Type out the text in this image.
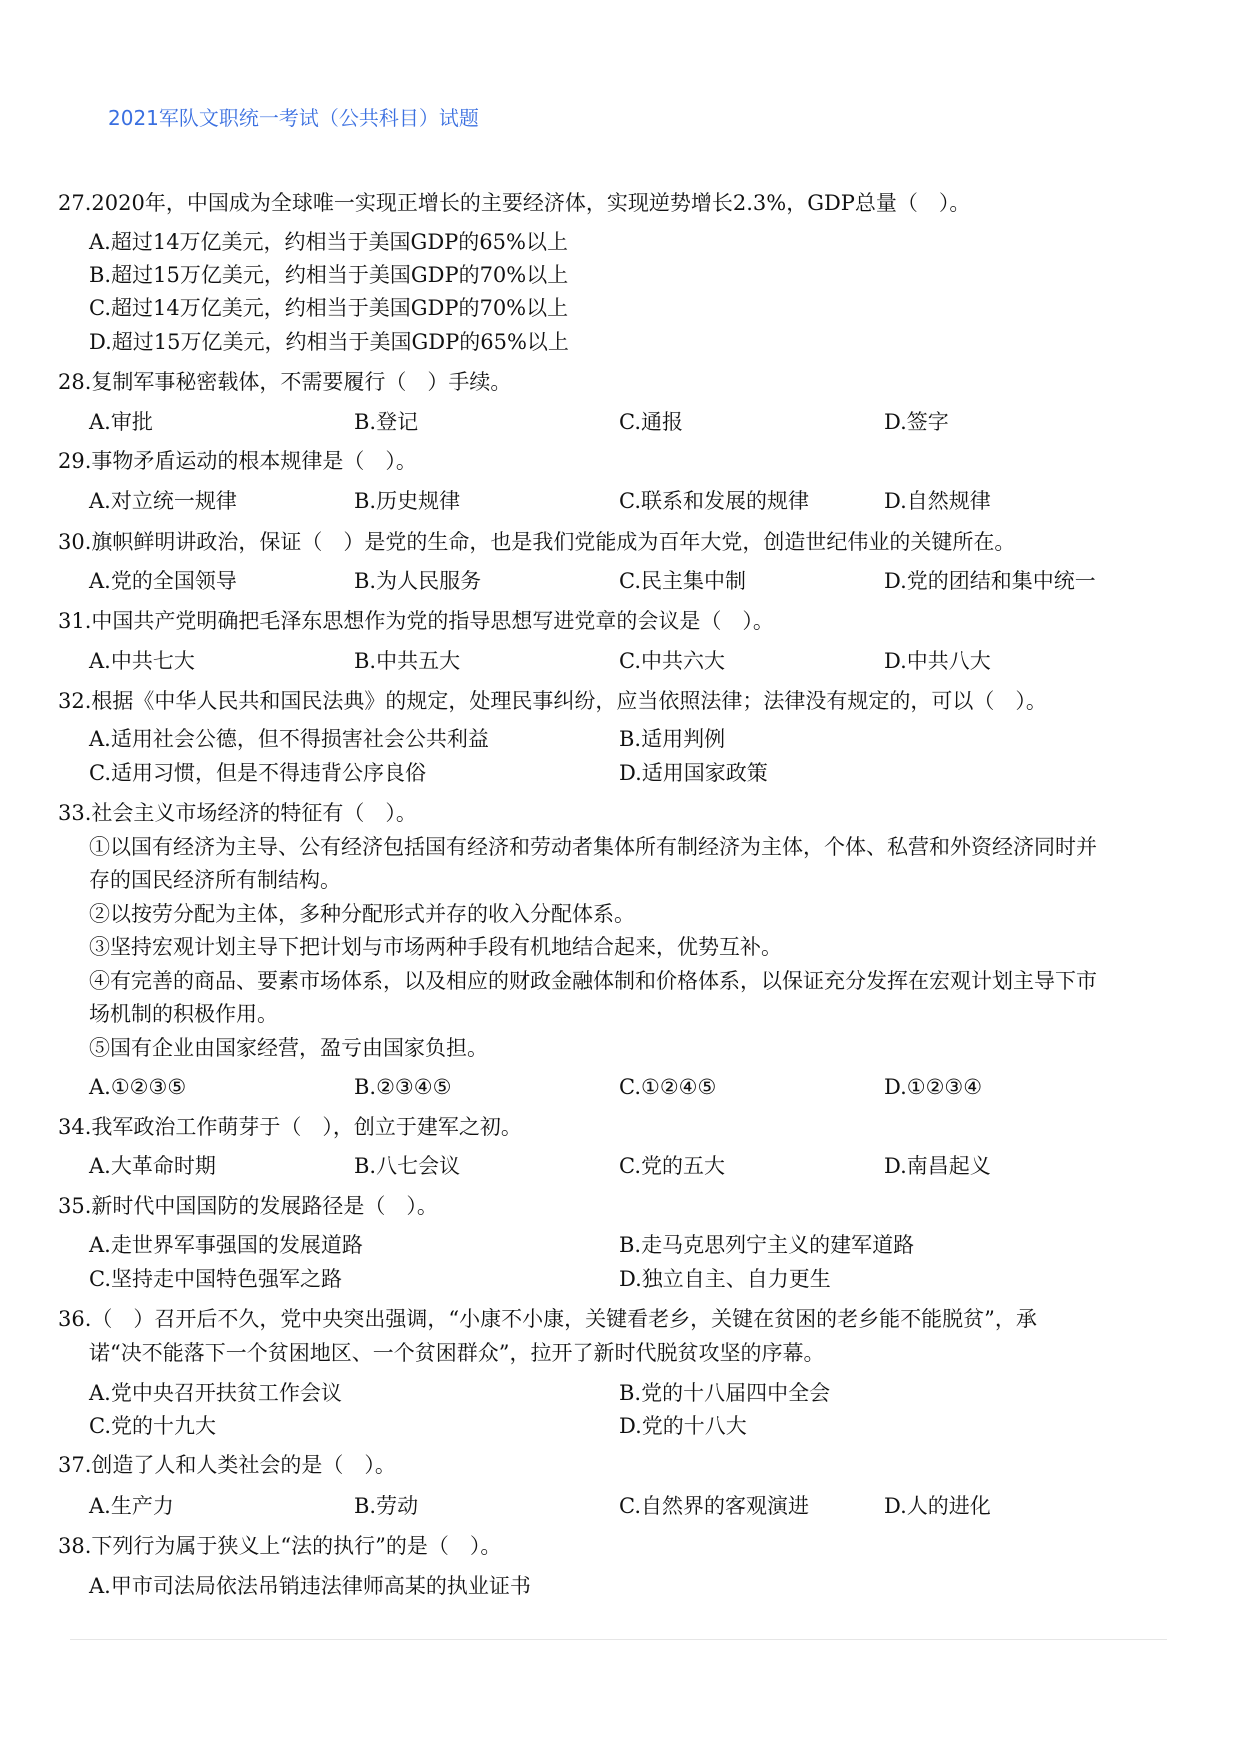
2021军队文职统一考试（公共科目）试题
27.2020年，中国成为全球唯一实现正增长的主要经济体，实现逆势增长2.3%，GDP总量（　）。
A.超过14万亿美元，约相当于美国GDP的65%以上
B.超过15万亿美元，约相当于美国GDP的70%以上
C.超过14万亿美元，约相当于美国GDP的70%以上
D.超过15万亿美元，约相当于美国GDP的65%以上
28.复制军事秘密载体，不需要履行（　）手续。
A.审批	B.登记	C.通报	D.签字
29.事物矛盾运动的根本规律是（　）。
A.对立统一规律	B.历史规律	C.联系和发展的规律	D.自然规律
30.旗帜鲜明讲政治，保证（　）是党的生命，也是我们党能成为百年大党，创造世纪伟业的关键所在。
A.党的全国领导	B.为人民服务	C.民主集中制	D.党的团结和集中统一
31.中国共产党明确把毛泽东思想作为党的指导思想写进党章的会议是（　）。
A.中共七大	B.中共五大	C.中共六大	D.中共八大
32.根据《中华人民共和国民法典》的规定，处理民事纠纷，应当依照法律；法律没有规定的，可以（　）。
A.适用社会公德，但不得损害社会公共利益	B.适用判例
C.适用习惯，但是不得违背公序良俗	D.适用国家政策
33.社会主义市场经济的特征有（　）。
①以国有经济为主导、公有经济包括国有经济和劳动者集体所有制经济为主体，个体、私营和外资经济同时并
存的国民经济所有制结构。
②以按劳分配为主体，多种分配形式并存的收入分配体系。
③坚持宏观计划主导下把计划与市场两种手段有机地结合起来，优势互补。
④有完善的商品、要素市场体系，以及相应的财政金融体制和价格体系，以保证充分发挥在宏观计划主导下市
场机制的积极作用。
⑤国有企业由国家经营，盈亏由国家负担。
A.①②③⑤	B.②③④⑤	C.①②④⑤	D.①②③④
34.我军政治工作萌芽于（　），创立于建军之初。
A.大革命时期	B.八七会议	C.党的五大	D.南昌起义
35.新时代中国国防的发展路径是（　）。
A.走世界军事强国的发展道路	B.走马克思列宁主义的建军道路
C.坚持走中国特色强军之路	D.独立自主、自力更生
36.（　）召开后不久，党中央突出强调，“小康不小康，关键看老乡，关键在贫困的老乡能不能脱贫”，承
诺“决不能落下一个贫困地区、一个贫困群众”，拉开了新时代脱贫攻坚的序幕。
A.党中央召开扶贫工作会议	B.党的十八届四中全会
C.党的十九大	D.党的十八大
37.创造了人和人类社会的是（　）。
A.生产力	B.劳动	C.自然界的客观演进	D.人的进化
38.下列行为属于狭义上“法的执行”的是（　）。
A.甲市司法局依法吊销违法律师高某的执业证书
